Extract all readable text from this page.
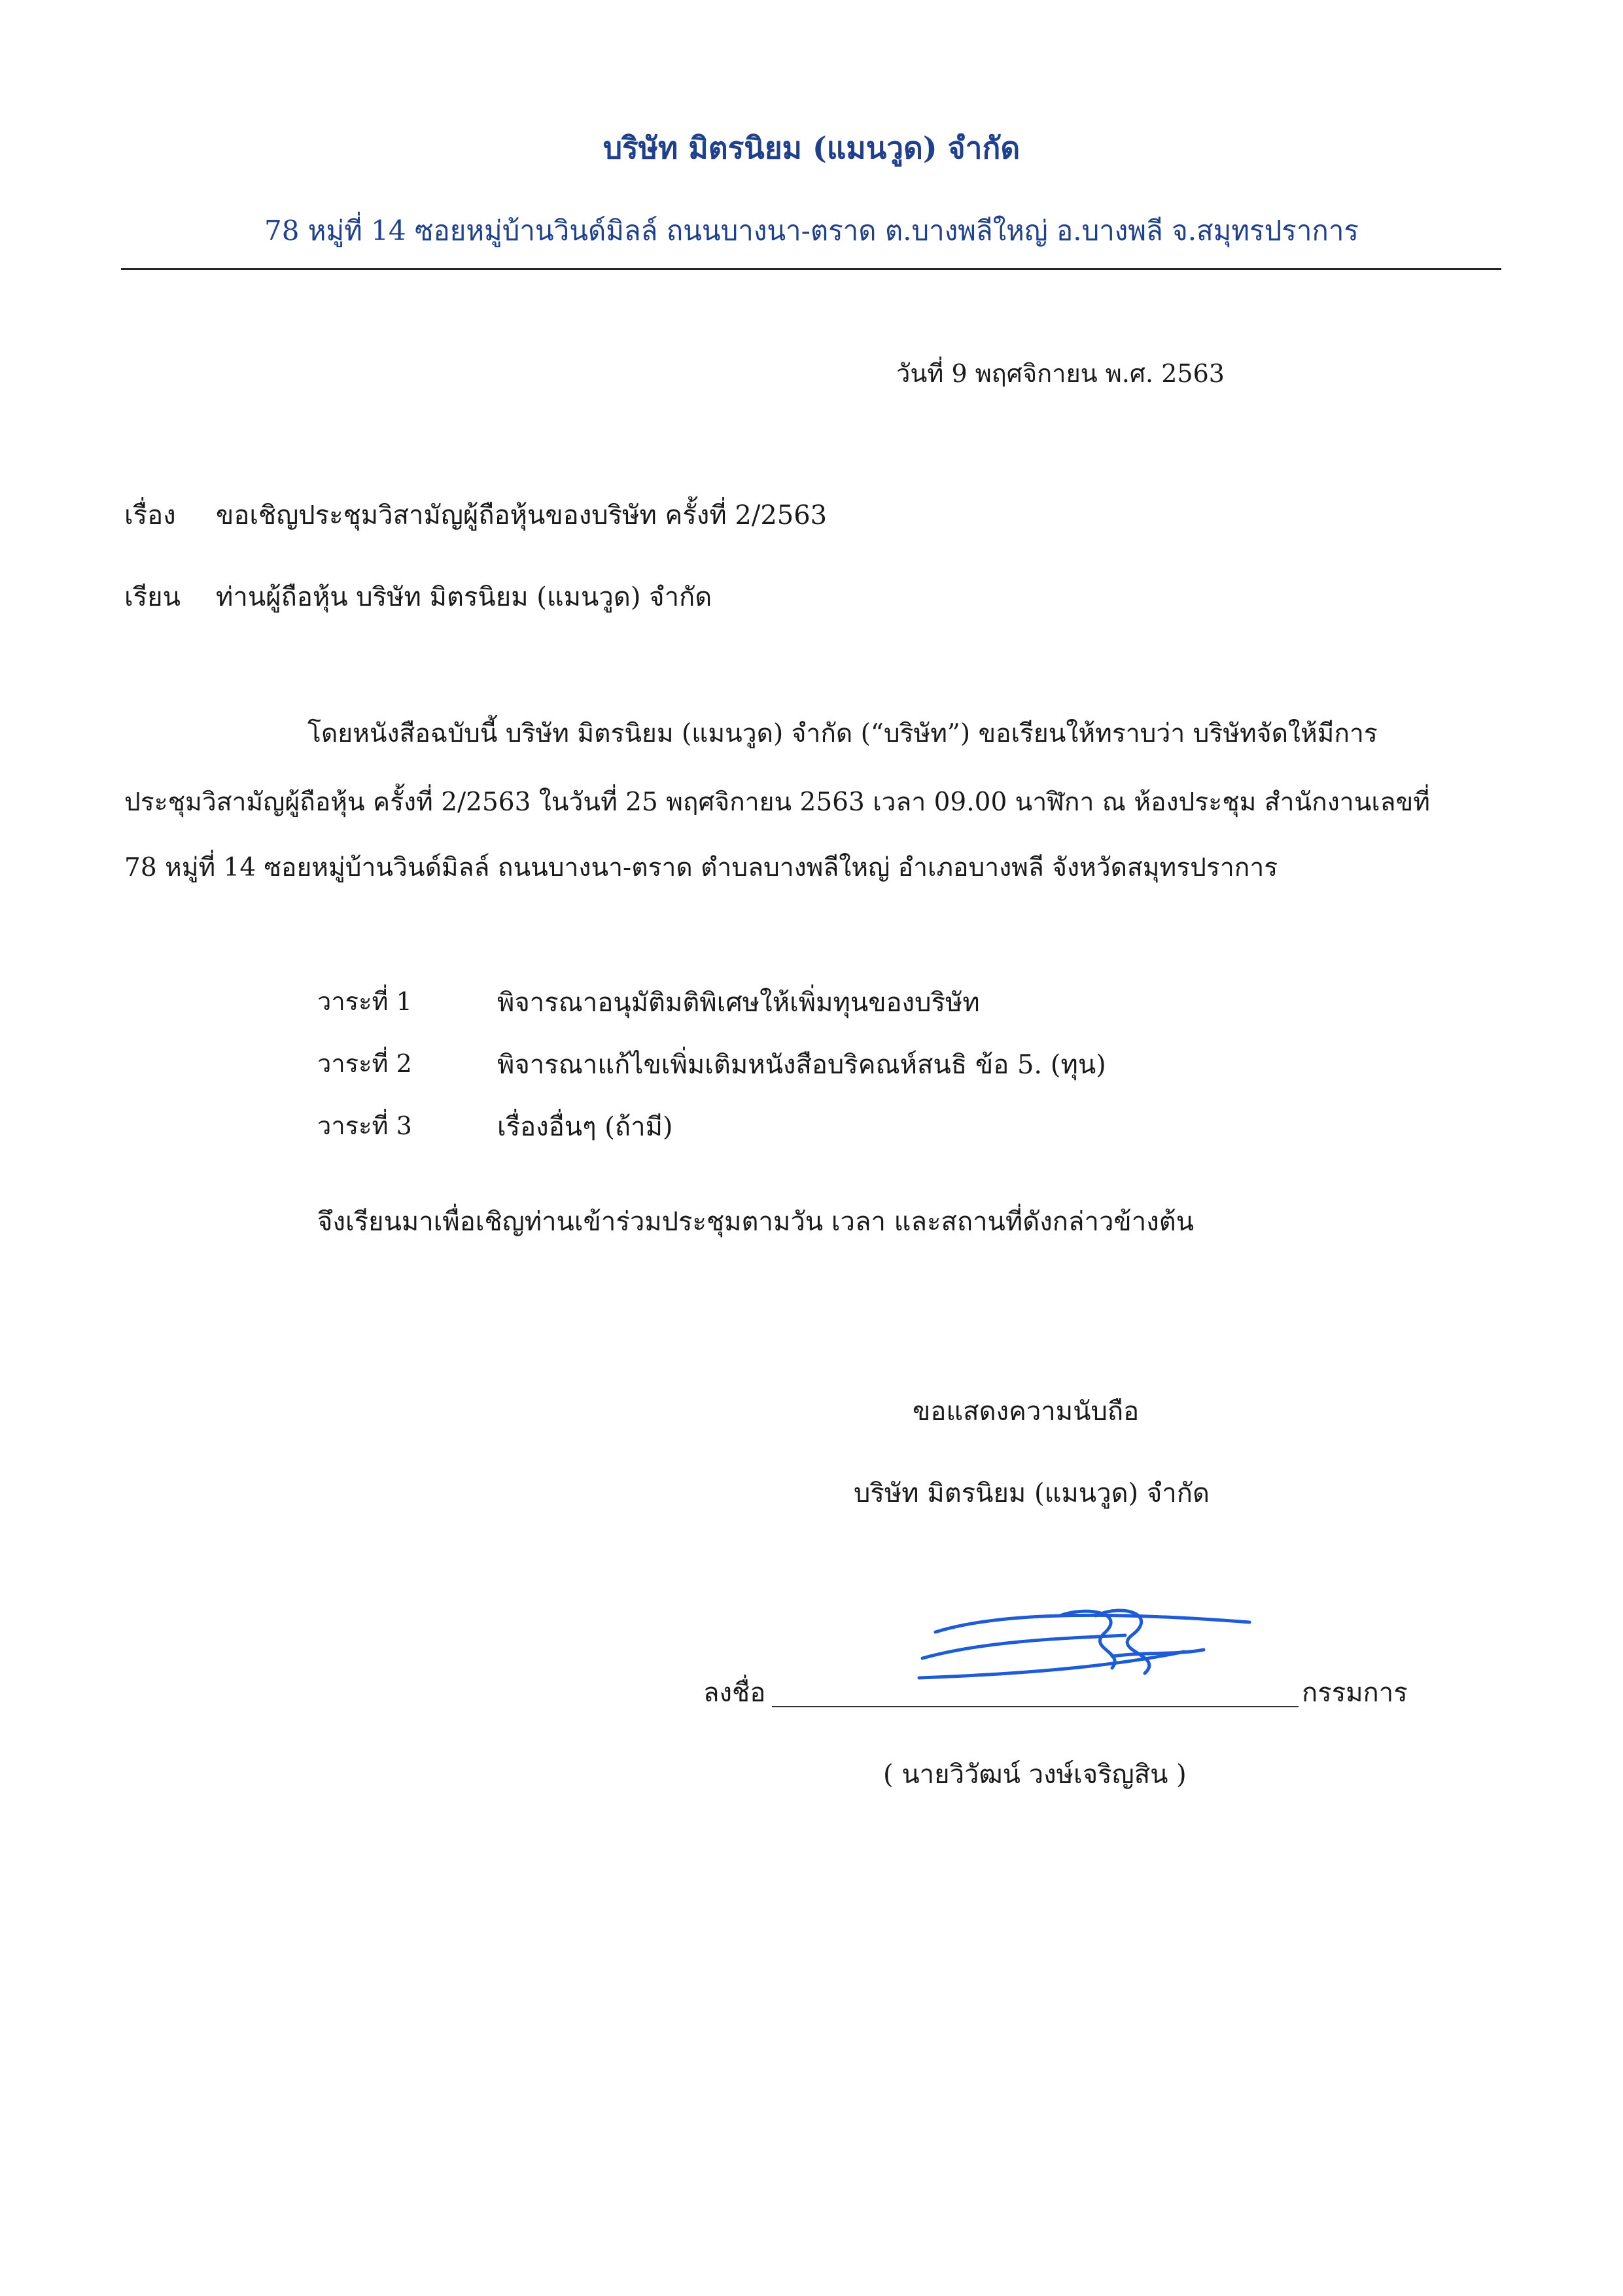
บริษัท มิตรนิยม (แมนวูด) จำกัด
78 หมู่ที่ 14 ซอยหมู่บ้านวินด์มิลล์ ถนนบางนา-ตราด ต.บางพลีใหญ่ อ.บางพลี จ.สมุทรปราการ
วันที่ 9 พฤศจิกายน พ.ศ. 2563
เรื่อง ขอเชิญประชุมวิสามัญผู้ถือหุ้นของบริษัท ครั้งที่ 2/2563
เรียน ท่านผู้ถือหุ้น บริษัท มิตรนิยม (แมนวูด) จำกัด
โดยหนังสือฉบับนี้ บริษัท มิตรนิยม (แมนวูด) จำกัด (“บริษัท”) ขอเรียนให้ทราบว่า บริษัทจัดให้มีการ
ประชุมวิสามัญผู้ถือหุ้น ครั้งที่ 2/2563 ในวันที่ 25 พฤศจิกายน 2563 เวลา 09.00 นาฬิกา ณ ห้องประชุม สำนักงานเลขที่
78 หมู่ที่ 14 ซอยหมู่บ้านวินด์มิลล์ ถนนบางนา-ตราด ตำบลบางพลีใหญ่ อำเภอบางพลี จังหวัดสมุทรปราการ
วาระที่ 1	พิจารณาอนุมัติมติพิเศษให้เพิ่มทุนของบริษัท
วาระที่ 2	พิจารณาแก้ไขเพิ่มเติมหนังสือบริคณห์สนธิ ข้อ 5. (ทุน)
วาระที่ 3	เรื่องอื่นๆ (ถ้ามี)
จึงเรียนมาเพื่อเชิญท่านเข้าร่วมประชุมตามวัน เวลา และสถานที่ดังกล่าวข้างต้น
ขอแสดงความนับถือ
บริษัท มิตรนิยม (แมนวูด) จำกัด
ลงชื่อ	กรรมการ
( นายวิวัฒน์ วงษ์เจริญสิน )
